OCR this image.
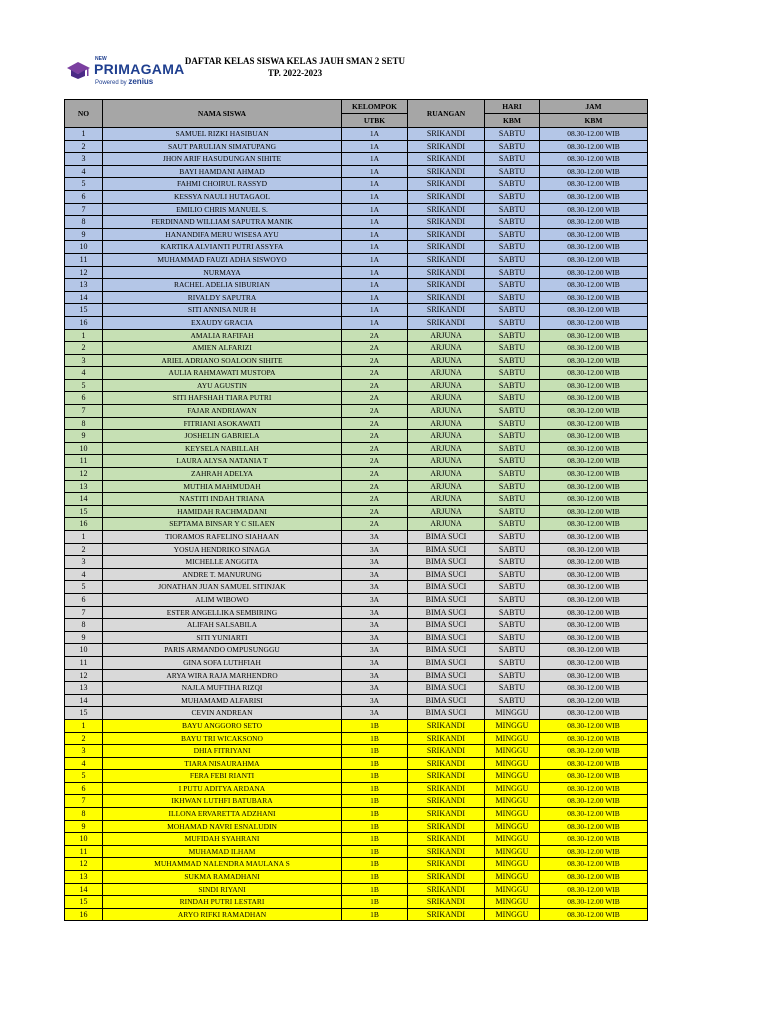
NEW
PRIMAGAMA
Powered by zenius
DAFTAR KELAS SISWA KELAS JAUH SMAN 2 SETU
TP. 2022-2023
NO	NAMA SISWA	KELOMPOK	RUANGAN	HARI	JAM
		UTBK		KBM	KBM
1	SAMUEL RIZKI HASIBUAN	1A	SRIKANDI	SABTU	08.30-12.00 WIB
2	SAUT PARULIAN SIMATUPANG	1A	SRIKANDI	SABTU	08.30-12.00 WIB
3	JHON ARIF HASUDUNGAN SIHITE	1A	SRIKANDI	SABTU	08.30-12.00 WIB
4	BAYI HAMDANI AHMAD	1A	SRIKANDI	SABTU	08.30-12.00 WIB
5	FAHMI CHOIRUL RASSYD	1A	SRIKANDI	SABTU	08.30-12.00 WIB
6	KESSYA NAULI HUTAGAOL	1A	SRIKANDI	SABTU	08.30-12.00 WIB
7	EMILIO CHRIS MANUEL S.	1A	SRIKANDI	SABTU	08.30-12.00 WIB
8	FERDINAND WILLIAM SAPUTRA MANIK	1A	SRIKANDI	SABTU	08.30-12.00 WIB
9	HANANDIFA MERU WISESA AYU	1A	SRIKANDI	SABTU	08.30-12.00 WIB
10	KARTIKA ALVIANTI PUTRI ASSYFA	1A	SRIKANDI	SABTU	08.30-12.00 WIB
11	MUHAMMAD FAUZI ADHA SISWOYO	1A	SRIKANDI	SABTU	08.30-12.00 WIB
12	NURMAYA	1A	SRIKANDI	SABTU	08.30-12.00 WIB
13	RACHEL ADELIA SIBURIAN	1A	SRIKANDI	SABTU	08.30-12.00 WIB
14	RIVALDY SAPUTRA	1A	SRIKANDI	SABTU	08.30-12.00 WIB
15	SITI ANNISA NUR H	1A	SRIKANDI	SABTU	08.30-12.00 WIB
16	EXAUDY GRACIA	1A	SRIKANDI	SABTU	08.30-12.00 WIB
1	AMALIA RAFIFAH	2A	ARJUNA	SABTU	08.30-12.00 WIB
2	AMIEN ALFARIZI	2A	ARJUNA	SABTU	08.30-12.00 WIB
3	ARIEL ADRIANO SOALOON SIHITE	2A	ARJUNA	SABTU	08.30-12.00 WIB
4	AULIA RAHMAWATI MUSTOPA	2A	ARJUNA	SABTU	08.30-12.00 WIB
5	AYU AGUSTIN	2A	ARJUNA	SABTU	08.30-12.00 WIB
6	SITI HAFSHAH TIARA PUTRI	2A	ARJUNA	SABTU	08.30-12.00 WIB
7	FAJAR ANDRIAWAN	2A	ARJUNA	SABTU	08.30-12.00 WIB
8	FITRIANI ASOKAWATI	2A	ARJUNA	SABTU	08.30-12.00 WIB
9	JOSHELIN GABRIELA	2A	ARJUNA	SABTU	08.30-12.00 WIB
10	KEYSELA NABILLAH	2A	ARJUNA	SABTU	08.30-12.00 WIB
11	LAURA ALYSA NATANIA T	2A	ARJUNA	SABTU	08.30-12.00 WIB
12	ZAHRAH ADELYA	2A	ARJUNA	SABTU	08.30-12.00 WIB
13	MUTHIA MAHMUDAH	2A	ARJUNA	SABTU	08.30-12.00 WIB
14	NASTITI INDAH TRIANA	2A	ARJUNA	SABTU	08.30-12.00 WIB
15	HAMIDAH RACHMADANI	2A	ARJUNA	SABTU	08.30-12.00 WIB
16	SEPTAMA BINSAR Y C SILAEN	2A	ARJUNA	SABTU	08.30-12.00 WIB
1	TIORAMOS RAFELINO SIAHAAN	3A	BIMA SUCI	SABTU	08.30-12.00 WIB
2	YOSUA HENDRIKO SINAGA	3A	BIMA SUCI	SABTU	08.30-12.00 WIB
3	MICHELLE ANGGITA	3A	BIMA SUCI	SABTU	08.30-12.00 WIB
4	ANDRE T. MANURUNG	3A	BIMA SUCI	SABTU	08.30-12.00 WIB
5	JONATHAN JUAN SAMUEL SITINJAK	3A	BIMA SUCI	SABTU	08.30-12.00 WIB
6	ALIM WIBOWO	3A	BIMA SUCI	SABTU	08.30-12.00 WIB
7	ESTER ANGELLIKA SEMBIRING	3A	BIMA SUCI	SABTU	08.30-12.00 WIB
8	ALIFAH SALSABILA	3A	BIMA SUCI	SABTU	08.30-12.00 WIB
9	SITI YUNIARTI	3A	BIMA SUCI	SABTU	08.30-12.00 WIB
10	PARIS ARMANDO OMPUSUNGGU	3A	BIMA SUCI	SABTU	08.30-12.00 WIB
11	GINA SOFA LUTHFIAH	3A	BIMA SUCI	SABTU	08.30-12.00 WIB
12	ARYA WIRA RAJA MARHENDRO	3A	BIMA SUCI	SABTU	08.30-12.00 WIB
13	NAJLA MUFTIHA RIZQI	3A	BIMA SUCI	SABTU	08.30-12.00 WIB
14	MUHAMAMD ALFARISI	3A	BIMA SUCI	SABTU	08.30-12.00 WIB
15	CEVIN ANDREAN	3A	BIMA SUCI	MINGGU	08.30-12.00 WIB
1	BAYU ANGGORO SETO	1B	SRIKANDI	MINGGU	08.30-12.00 WIB
2	BAYU TRI WICAKSONO	1B	SRIKANDI	MINGGU	08.30-12.00 WIB
3	DHIA FITRIYANI	1B	SRIKANDI	MINGGU	08.30-12.00 WIB
4	TIARA NISAURAHMA	1B	SRIKANDI	MINGGU	08.30-12.00 WIB
5	FERA FEBI RIANTI	1B	SRIKANDI	MINGGU	08.30-12.00 WIB
6	I PUTU ADITYA ARDANA	1B	SRIKANDI	MINGGU	08.30-12.00 WIB
7	IKHWAN LUTHFI BATUBARA	1B	SRIKANDI	MINGGU	08.30-12.00 WIB
8	ILLONA ERVARETTA ADZHANI	1B	SRIKANDI	MINGGU	08.30-12.00 WIB
9	MOHAMAD NAVRI ESNALUDIN	1B	SRIKANDI	MINGGU	08.30-12.00 WIB
10	MUFIDAH SYAHRANI	1B	SRIKANDI	MINGGU	08.30-12.00 WIB
11	MUHAMAD ILHAM	1B	SRIKANDI	MINGGU	08.30-12.00 WIB
12	MUHAMMAD NALENDRA MAULANA S	1B	SRIKANDI	MINGGU	08.30-12.00 WIB
13	SUKMA RAMADHANI	1B	SRIKANDI	MINGGU	08.30-12.00 WIB
14	SINDI RIYANI	1B	SRIKANDI	MINGGU	08.30-12.00 WIB
15	RINDAH PUTRI LESTARI	1B	SRIKANDI	MINGGU	08.30-12.00 WIB
16	ARYO RIFKI RAMADHAN	1B	SRIKANDI	MINGGU	08.30-12.00 WIB
